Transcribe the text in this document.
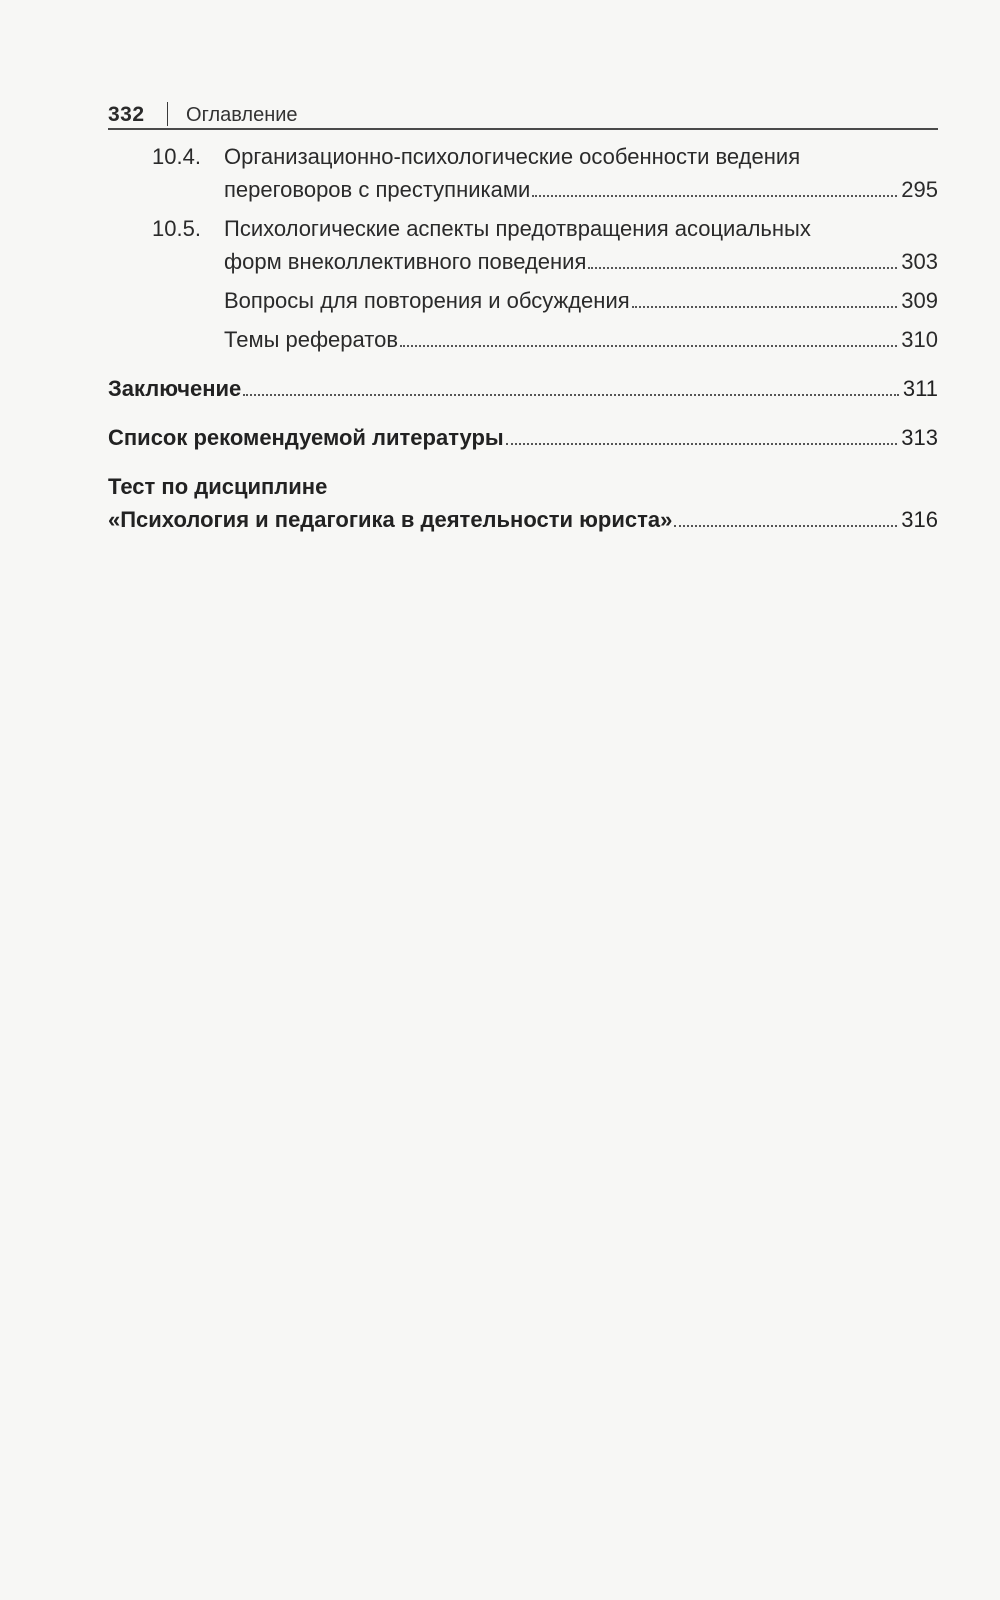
332 Оглавление
10.4.	Организационно-психологические особенности ведения
переговоров с преступниками	295
10.5.	Психологические аспекты предотвращения асоциальных
форм внеколлективного поведения	303
Вопросы для повторения и обсуждения	309
Темы рефератов	310
Заключение	311
Список рекомендуемой литературы	313
Тест по дисциплине
«Психология и педагогика в деятельности юриста»	316
